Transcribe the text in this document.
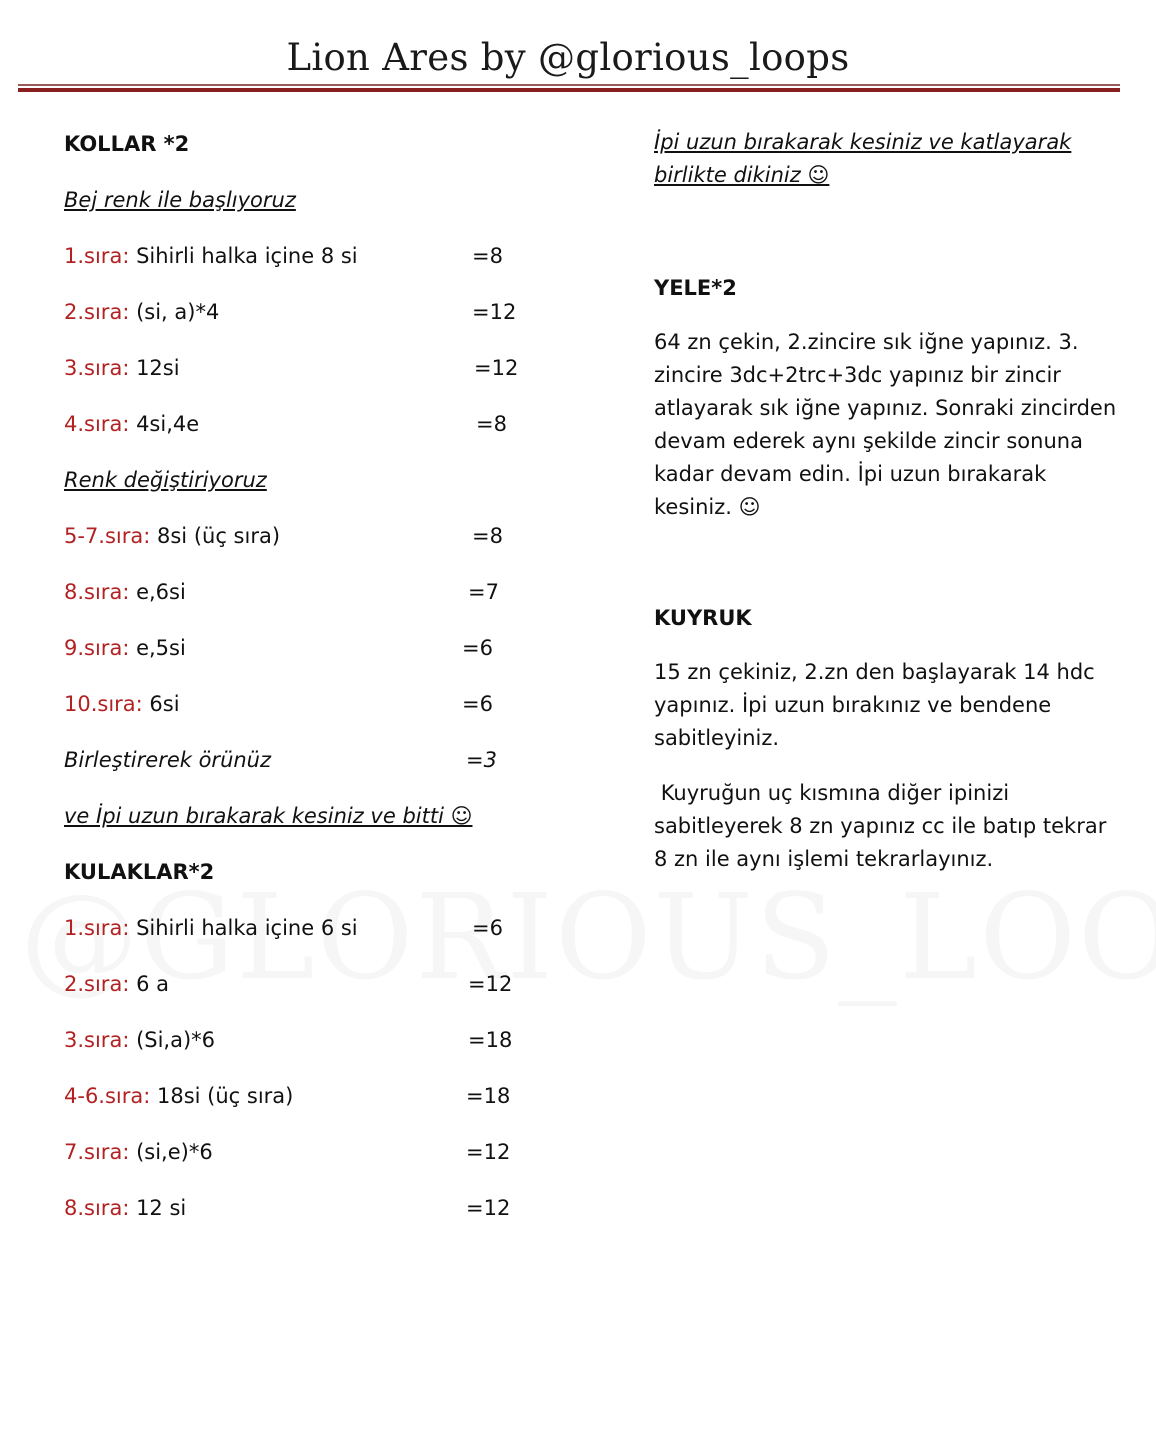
Lion Ares by @glorious_loops
KOLLAR *2
Bej renk ile başlıyoruz
1.sıra: Sihirli halka içine 8 si	=8
2.sıra: (si, a)*4	=12
3.sıra: 12si	=12
4.sıra: 4si,4e	=8
Renk değiştiriyoruz
5-7.sıra: 8si (üç sıra)	=8
8.sıra: e,6si	=7
9.sıra: e,5si	=6
10.sıra: 6si	=6
Birleştirerek örünüz	=3
ve İpi uzun bırakarak kesiniz ve bitti ☺
KULAKLAR*2
1.sıra: Sihirli halka içine 6 si	=6
2.sıra: 6 a	=12
3.sıra: (Si,a)*6	=18
4-6.sıra: 18si (üç sıra)	=18
7.sıra: (si,e)*6	=12
8.sıra: 12 si	=12
İpi uzun bırakarak kesiniz ve katlayarak birlikte dikiniz ☺
YELE*2
64 zn çekin, 2.zincire sık iğne yapınız. 3. zincire 3dc+2trc+3dc yapınız bir zincir atlayarak sık iğne yapınız. Sonraki zincirden devam ederek aynı şekilde zincir sonuna kadar devam edin. İpi uzun bırakarak kesiniz. ☺
KUYRUK
15 zn çekiniz, 2.zn den başlayarak 14 hdc yapınız. İpi uzun bırakınız ve bendene sabitleyiniz.
Kuyruğun uç kısmına diğer ipinizi sabitleyerek 8 zn yapınız cc ile batıp tekrar 8 zn ile aynı işlemi tekrarlayınız.
